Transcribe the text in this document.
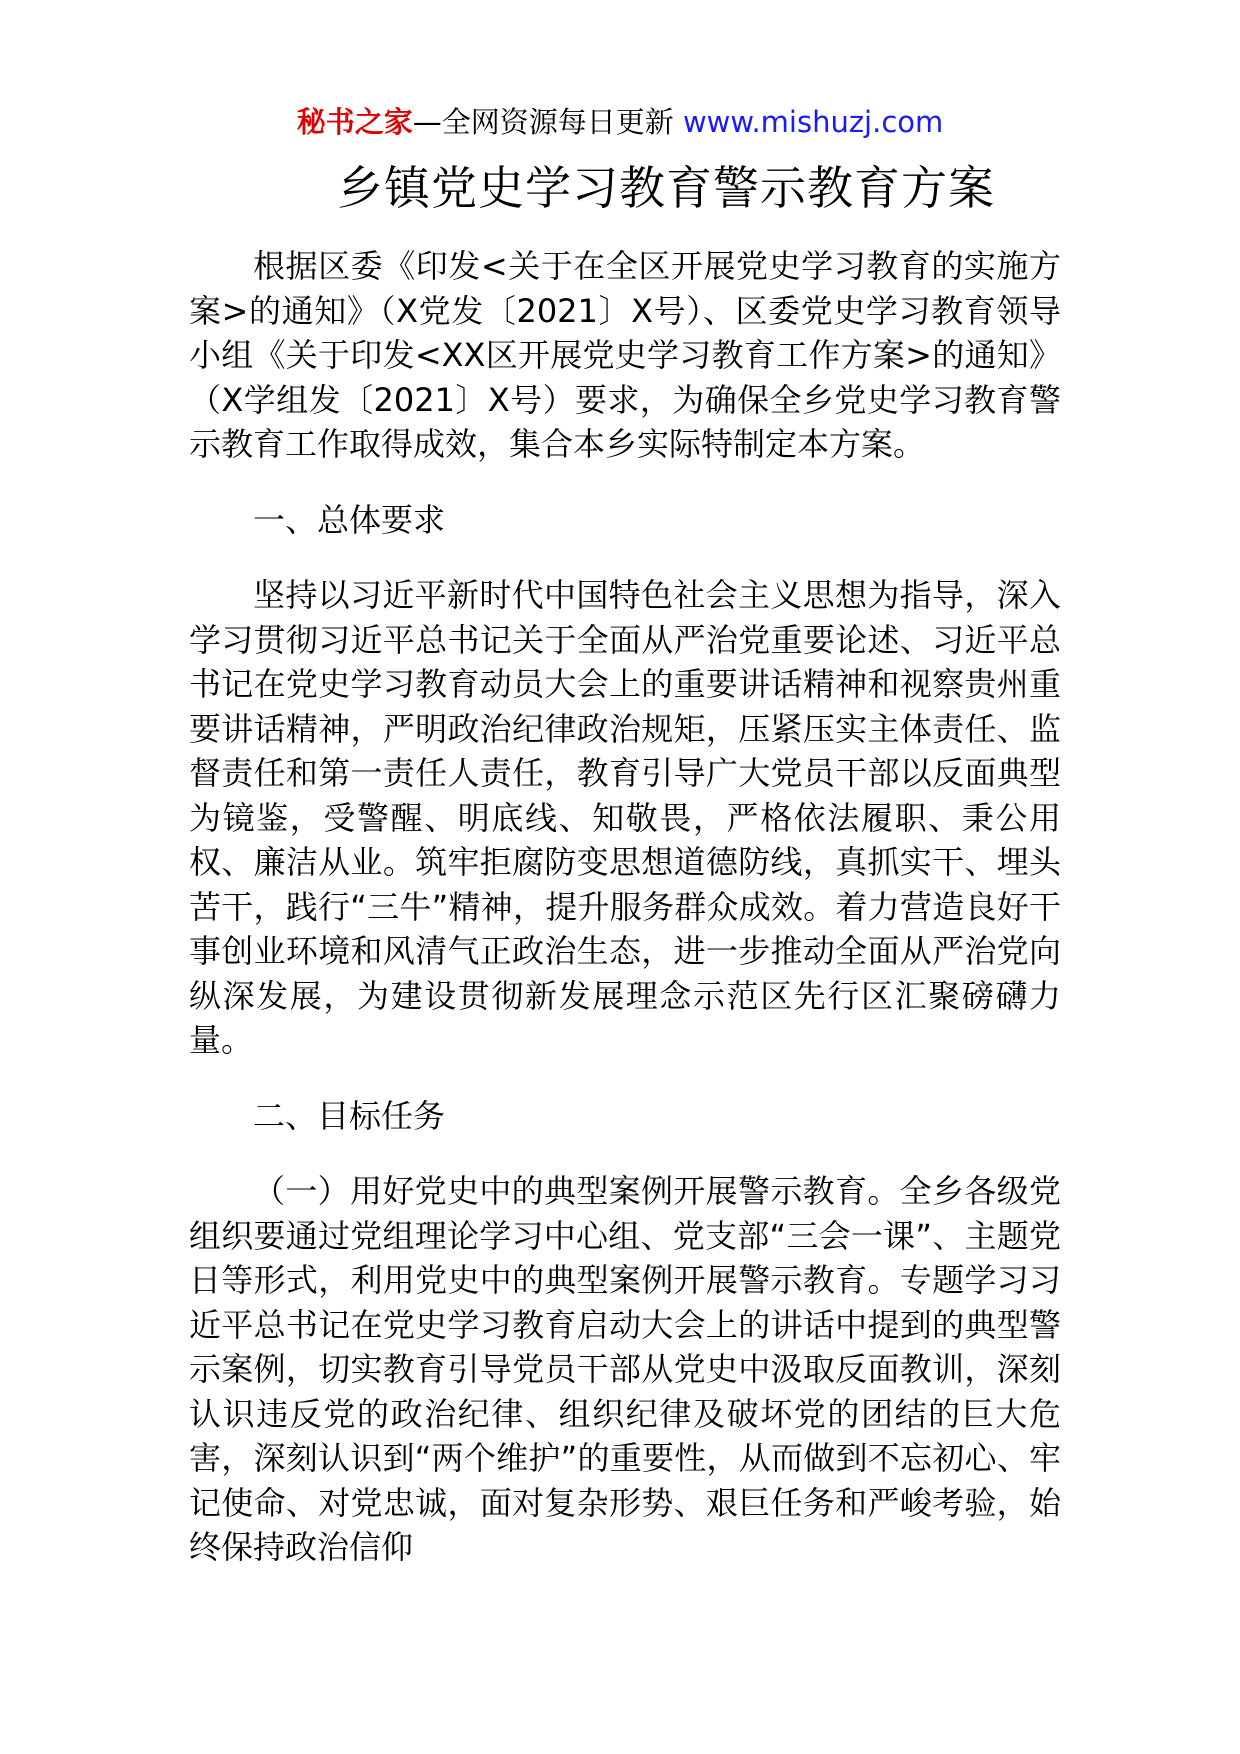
秘书之家—全网资源每日更新 www.mishuzj.com
乡镇党史学习教育警示教育方案

根据区委《印发<关于在全区开展党史学习教育的实施方案>的通知》（X党发〔2021〕X号）、区委党史学习教育领导小组《关于印发<XX区开展党史学习教育工作方案>的通知》（X学组发〔2021〕X号）要求，为确保全乡党史学习教育警示教育工作取得成效，集合本乡实际特制定本方案。

一、总体要求

坚持以习近平新时代中国特色社会主义思想为指导，深入学习贯彻习近平总书记关于全面从严治党重要论述、习近平总书记在党史学习教育动员大会上的重要讲话精神和视察贵州重要讲话精神，严明政治纪律政治规矩，压紧压实主体责任、监督责任和第一责任人责任，教育引导广大党员干部以反面典型为镜鉴，受警醒、明底线、知敬畏，严格依法履职、秉公用权、廉洁从业。筑牢拒腐防变思想道德防线，真抓实干、埋头苦干，践行“三牛”精神，提升服务群众成效。着力营造良好干事创业环境和风清气正政治生态，进一步推动全面从严治党向纵深发展，为建设贯彻新发展理念示范区先行区汇聚磅礴力量。

二、目标任务

（一）用好党史中的典型案例开展警示教育。全乡各级党组织要通过党组理论学习中心组、党支部“三会一课”、主题党日等形式，利用党史中的典型案例开展警示教育。专题学习习近平总书记在党史学习教育启动大会上的讲话中提到的典型警示案例，切实教育引导党员干部从党史中汲取反面教训，深刻认识违反党的政治纪律、组织纪律及破坏党的团结的巨大危害，深刻认识到“两个维护”的重要性，从而做到不忘初心、牢记使命、对党忠诚，面对复杂形势、艰巨任务和严峻考验，始终保持政治信仰
